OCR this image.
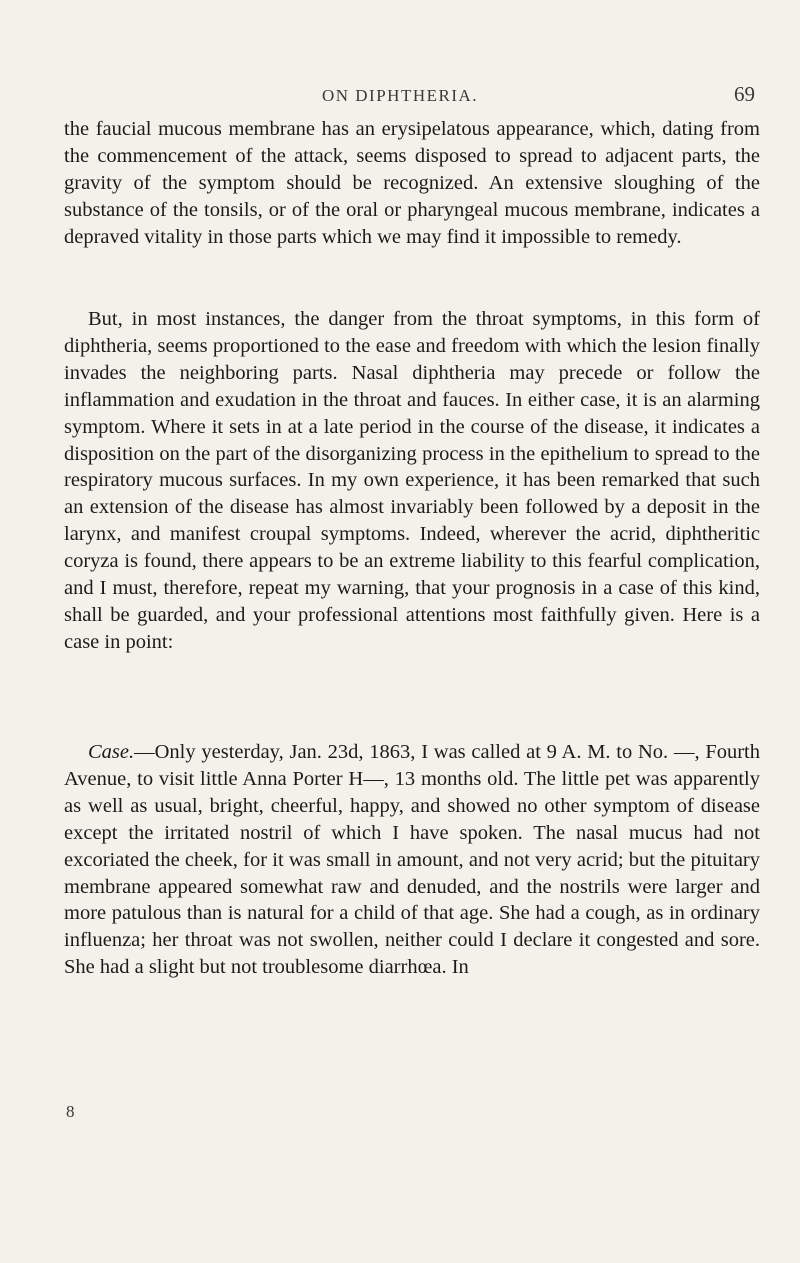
ON DIPHTHERIA.	69

the faucial mucous membrane has an erysipelatous appearance, which, dating from the commencement of the attack, seems disposed to spread to adjacent parts, the gravity of the symptom should be recognized. An extensive sloughing of the substance of the tonsils, or of the oral or pharyngeal mucous membrane, indicates a depraved vitality in those parts which we may find it impossible to remedy.

But, in most instances, the danger from the throat symptoms, in this form of diphtheria, seems proportioned to the ease and freedom with which the lesion finally invades the neighboring parts. Nasal diphtheria may precede or follow the inflammation and exudation in the throat and fauces. In either case, it is an alarming symptom. Where it sets in at a late period in the course of the disease, it indicates a disposition on the part of the disorganizing process in the epithelium to spread to the respiratory mucous surfaces. In my own experience, it has been remarked that such an extension of the disease has almost invariably been followed by a deposit in the larynx, and manifest croupal symptoms. Indeed, wherever the acrid, diphtheritic coryza is found, there appears to be an extreme liability to this fearful complication, and I must, therefore, repeat my warning, that your prognosis in a case of this kind, shall be guarded, and your professional attentions most faithfully given. Here is a case in point:

Case.—Only yesterday, Jan. 23d, 1863, I was called at 9 A. M. to No. —, Fourth Avenue, to visit little Anna Porter H—, 13 months old. The little pet was apparently as well as usual, bright, cheerful, happy, and showed no other symptom of disease except the irritated nostril of which I have spoken. The nasal mucus had not excoriated the cheek, for it was small in amount, and not very acrid; but the pituitary membrane appeared somewhat raw and denuded, and the nostrils were larger and more patulous than is natural for a child of that age. She had a cough, as in ordinary influenza; her throat was not swollen, neither could I declare it congested and sore. She had a slight but not troublesome diarrhœa. In

8
